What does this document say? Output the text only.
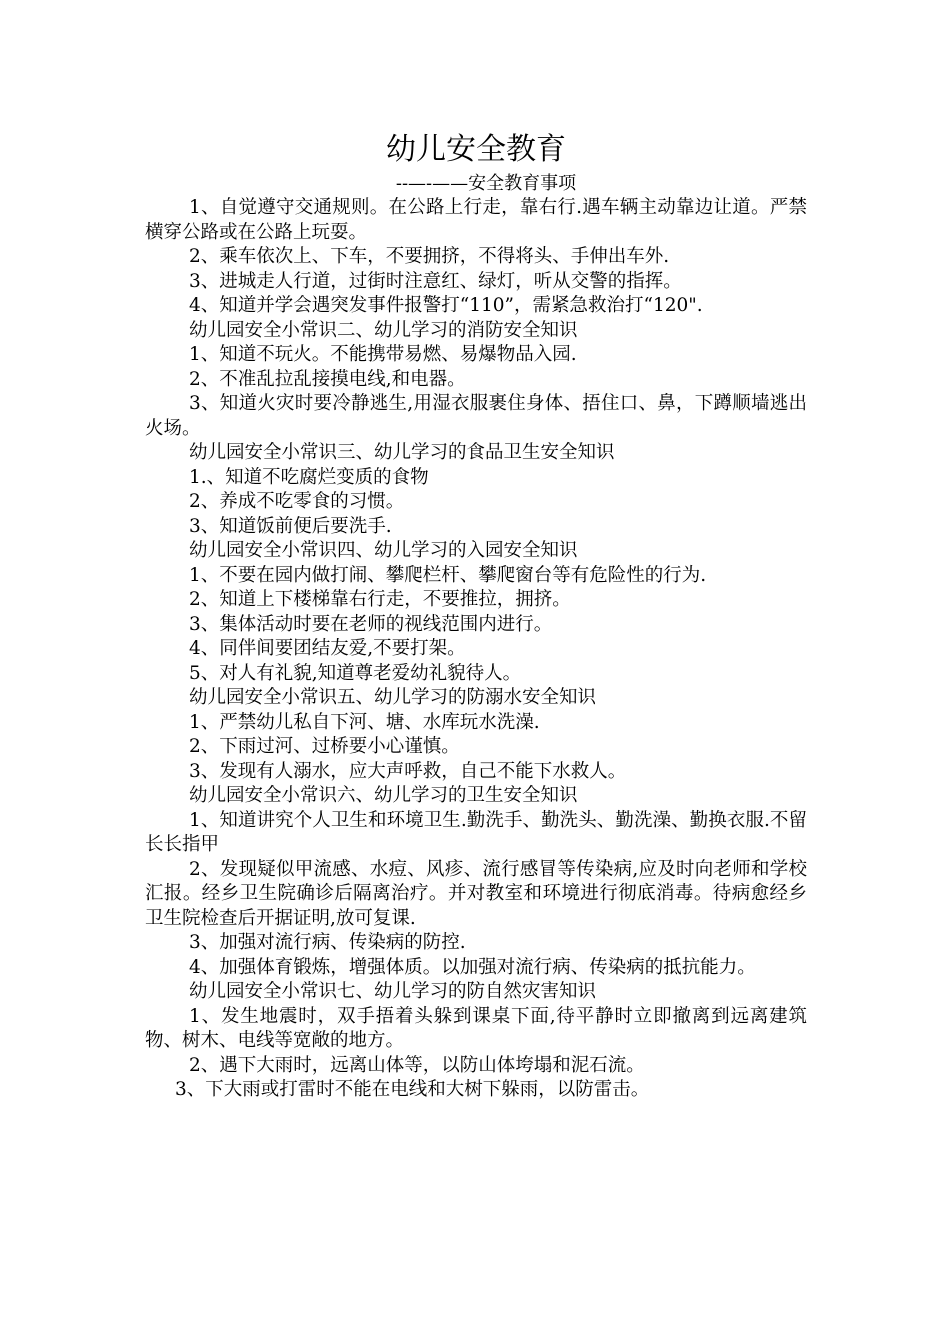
幼儿安全教育
--—-——安全教育事项

1、自觉遵守交通规则。在公路上行走，靠右行.遇车辆主动靠边让道。严禁横穿公路或在公路上玩耍。

2、乘车依次上、下车，不要拥挤，不得将头、手伸出车外.

3、进城走人行道，过街时注意红、绿灯，听从交警的指挥。

4、知道并学会遇突发事件报警打“110”，需紧急救治打“120".

幼儿园安全小常识二、幼儿学习的消防安全知识

1、知道不玩火。不能携带易燃、易爆物品入园.

2、不准乱拉乱接摸电线,和电器。

3、知道火灾时要冷静逃生,用湿衣服裹住身体、捂住口、鼻，下蹲顺墙逃出火场。

幼儿园安全小常识三、幼儿学习的食品卫生安全知识

1.、知道不吃腐烂变质的食物

2、养成不吃零食的习惯。

3、知道饭前便后要洗手.

幼儿园安全小常识四、幼儿学习的入园安全知识

1、不要在园内做打闹、攀爬栏杆、攀爬窗台等有危险性的行为.

2、知道上下楼梯靠右行走，不要推拉，拥挤。

3、集体活动时要在老师的视线范围内进行。

4、同伴间要团结友爱,不要打架。

5、对人有礼貌,知道尊老爱幼礼貌待人。

幼儿园安全小常识五、幼儿学习的防溺水安全知识

1、严禁幼儿私自下河、塘、水库玩水洗澡.

2、下雨过河、过桥要小心谨慎。

3、发现有人溺水，应大声呼救，自己不能下水救人。

幼儿园安全小常识六、幼儿学习的卫生安全知识

1、知道讲究个人卫生和环境卫生.勤洗手、勤洗头、勤洗澡、勤换衣服.不留长长指甲

2、发现疑似甲流感、水痘、风疹、流行感冒等传染病,应及时向老师和学校汇报。经乡卫生院确诊后隔离治疗。并对教室和环境进行彻底消毒。待病愈经乡卫生院检查后开据证明,放可复课.

3、加强对流行病、传染病的防控.

4、加强体育锻炼，增强体质。以加强对流行病、传染病的抵抗能力。

幼儿园安全小常识七、幼儿学习的防自然灾害知识

1、发生地震时，双手捂着头躲到课桌下面,待平静时立即撤离到远离建筑物、树木、电线等宽敞的地方。

2、遇下大雨时，远离山体等，以防山体垮塌和泥石流。

3、下大雨或打雷时不能在电线和大树下躲雨，以防雷击。
